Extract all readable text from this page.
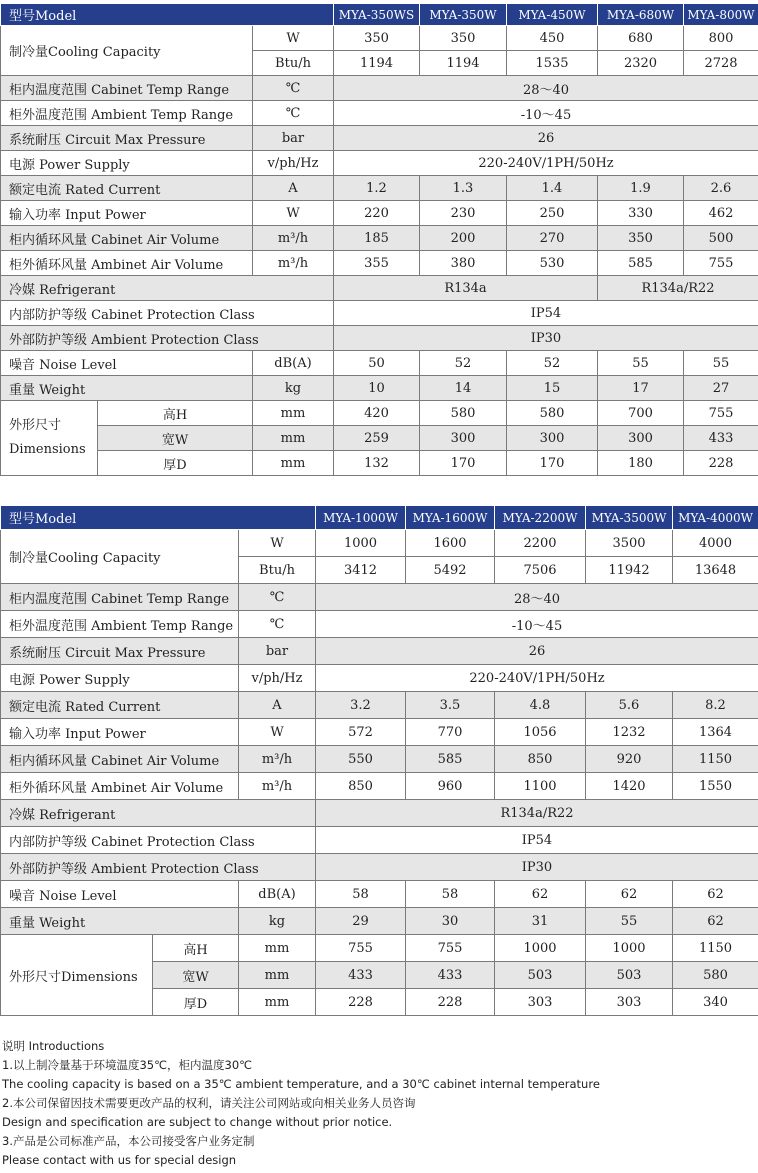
型号Model			MYA-350WS	MYA-350W	MYA-450W	MYA-680W	MYA-800W
制冷量Cooling Capacity		W	350	350	450	680	800
		Btu/h	1194	1194	1535	2320	2728
柜内温度范围 Cabinet Temp Range		℃	28～40				
柜外温度范围 Ambient Temp Range		℃	-10～45				
系统耐压 Circuit Max Pressure		bar	26				
电源 Power Supply		v/ph/Hz	220-240V/1PH/50Hz				
额定电流 Rated Current		A	1.2	1.3	1.4	1.9	2.6
输入功率 Input Power		W	220	230	250	330	462
柜内循环风量 Cabinet Air Volume		m³/h	185	200	270	350	500
柜外循环风量 Ambinet Air Volume		m³/h	355	380	530	585	755
冷媒 Refrigerant			R134a			R134a/R22	
内部防护等级 Cabinet Protection Class			IP54				
外部防护等级 Ambient Protection Class			IP30				
噪音 Noise Level		dB(A)	50	52	52	55	55
重量 Weight		kg	10	14	15	17	27

外形尺寸
Dimensions	高H	mm	420	580	580	700	755
	宽W	mm	259	300	300	300	433
	厚D	mm	132	170	170	180	228
型号Model			MYA-1000W	MYA-1600W	MYA-2200W	MYA-3500W	MYA-4000W
制冷量Cooling Capacity		W	1000	1600	2200	3500	4000
		Btu/h	3412	5492	7506	11942	13648
柜内温度范围 Cabinet Temp Range		℃	28～40				
柜外温度范围 Ambient Temp Range		℃	-10～45				
系统耐压 Circuit Max Pressure		bar	26				
电源 Power Supply		v/ph/Hz	220-240V/1PH/50Hz				
额定电流 Rated Current		A	3.2	3.5	4.8	5.6	8.2
输入功率 Input Power		W	572	770	1056	1232	1364
柜内循环风量 Cabinet Air Volume		m³/h	550	585	850	920	1150
柜外循环风量 Ambinet Air Volume		m³/h	850	960	1100	1420	1550
冷媒 Refrigerant			R134a/R22				
内部防护等级 Cabinet Protection Class			IP54				
外部防护等级 Ambient Protection Class			IP30				
噪音 Noise Level		dB(A)	58	58	62	62	62
重量 Weight		kg	29	30	31	55	62
外形尺寸Dimensions	高H	mm	755	755	1000	1000	1150
	宽W	mm	433	433	503	503	580
	厚D	mm	228	228	303	303	340
说明 Introductions
1.以上制冷量基于环境温度35℃，柜内温度30℃
The cooling capacity is based on a 35℃ ambient temperature, and a 30℃ cabinet internal temperature
2.本公司保留因技术需要更改产品的权利，请关注公司网站或向相关业务人员咨询
Design and specification are subject to change without prior notice.
3.产品是公司标准产品，本公司接受客户业务定制
Please contact with us for special design
